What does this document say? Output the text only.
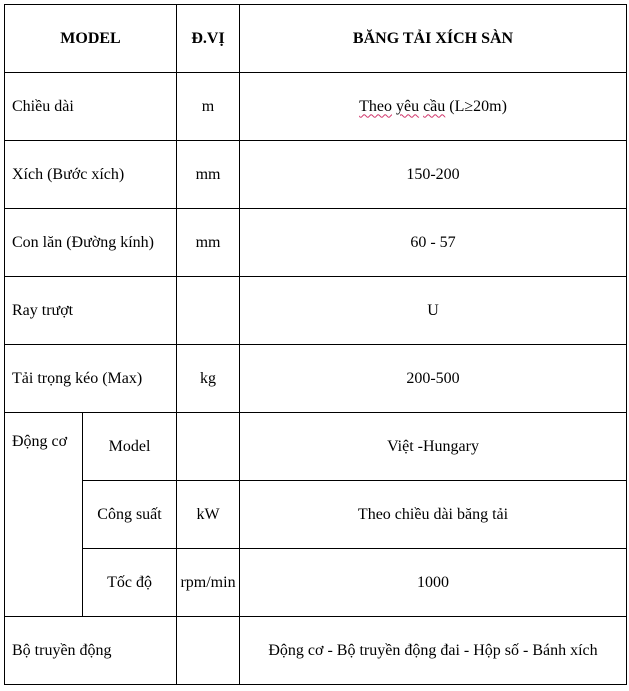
MODEL		Đ.VỊ	BĂNG TẢI XÍCH SÀN
Chiều dài		m	Theo yêu cầu (L≥20m)
Xích (Bước xích)		mm	150-200
Con lăn (Đường kính)		mm	60 - 57
Ray trượt			U
Tải trọng kéo (Max)		kg	200-500
Động cơ	Model		Việt -Hungary
	Công suất	kW	Theo chiều dài băng tải
	Tốc độ	rpm/min	1000
Bộ truyền động			Động cơ - Bộ truyền động đai - Hộp số - Bánh xích
